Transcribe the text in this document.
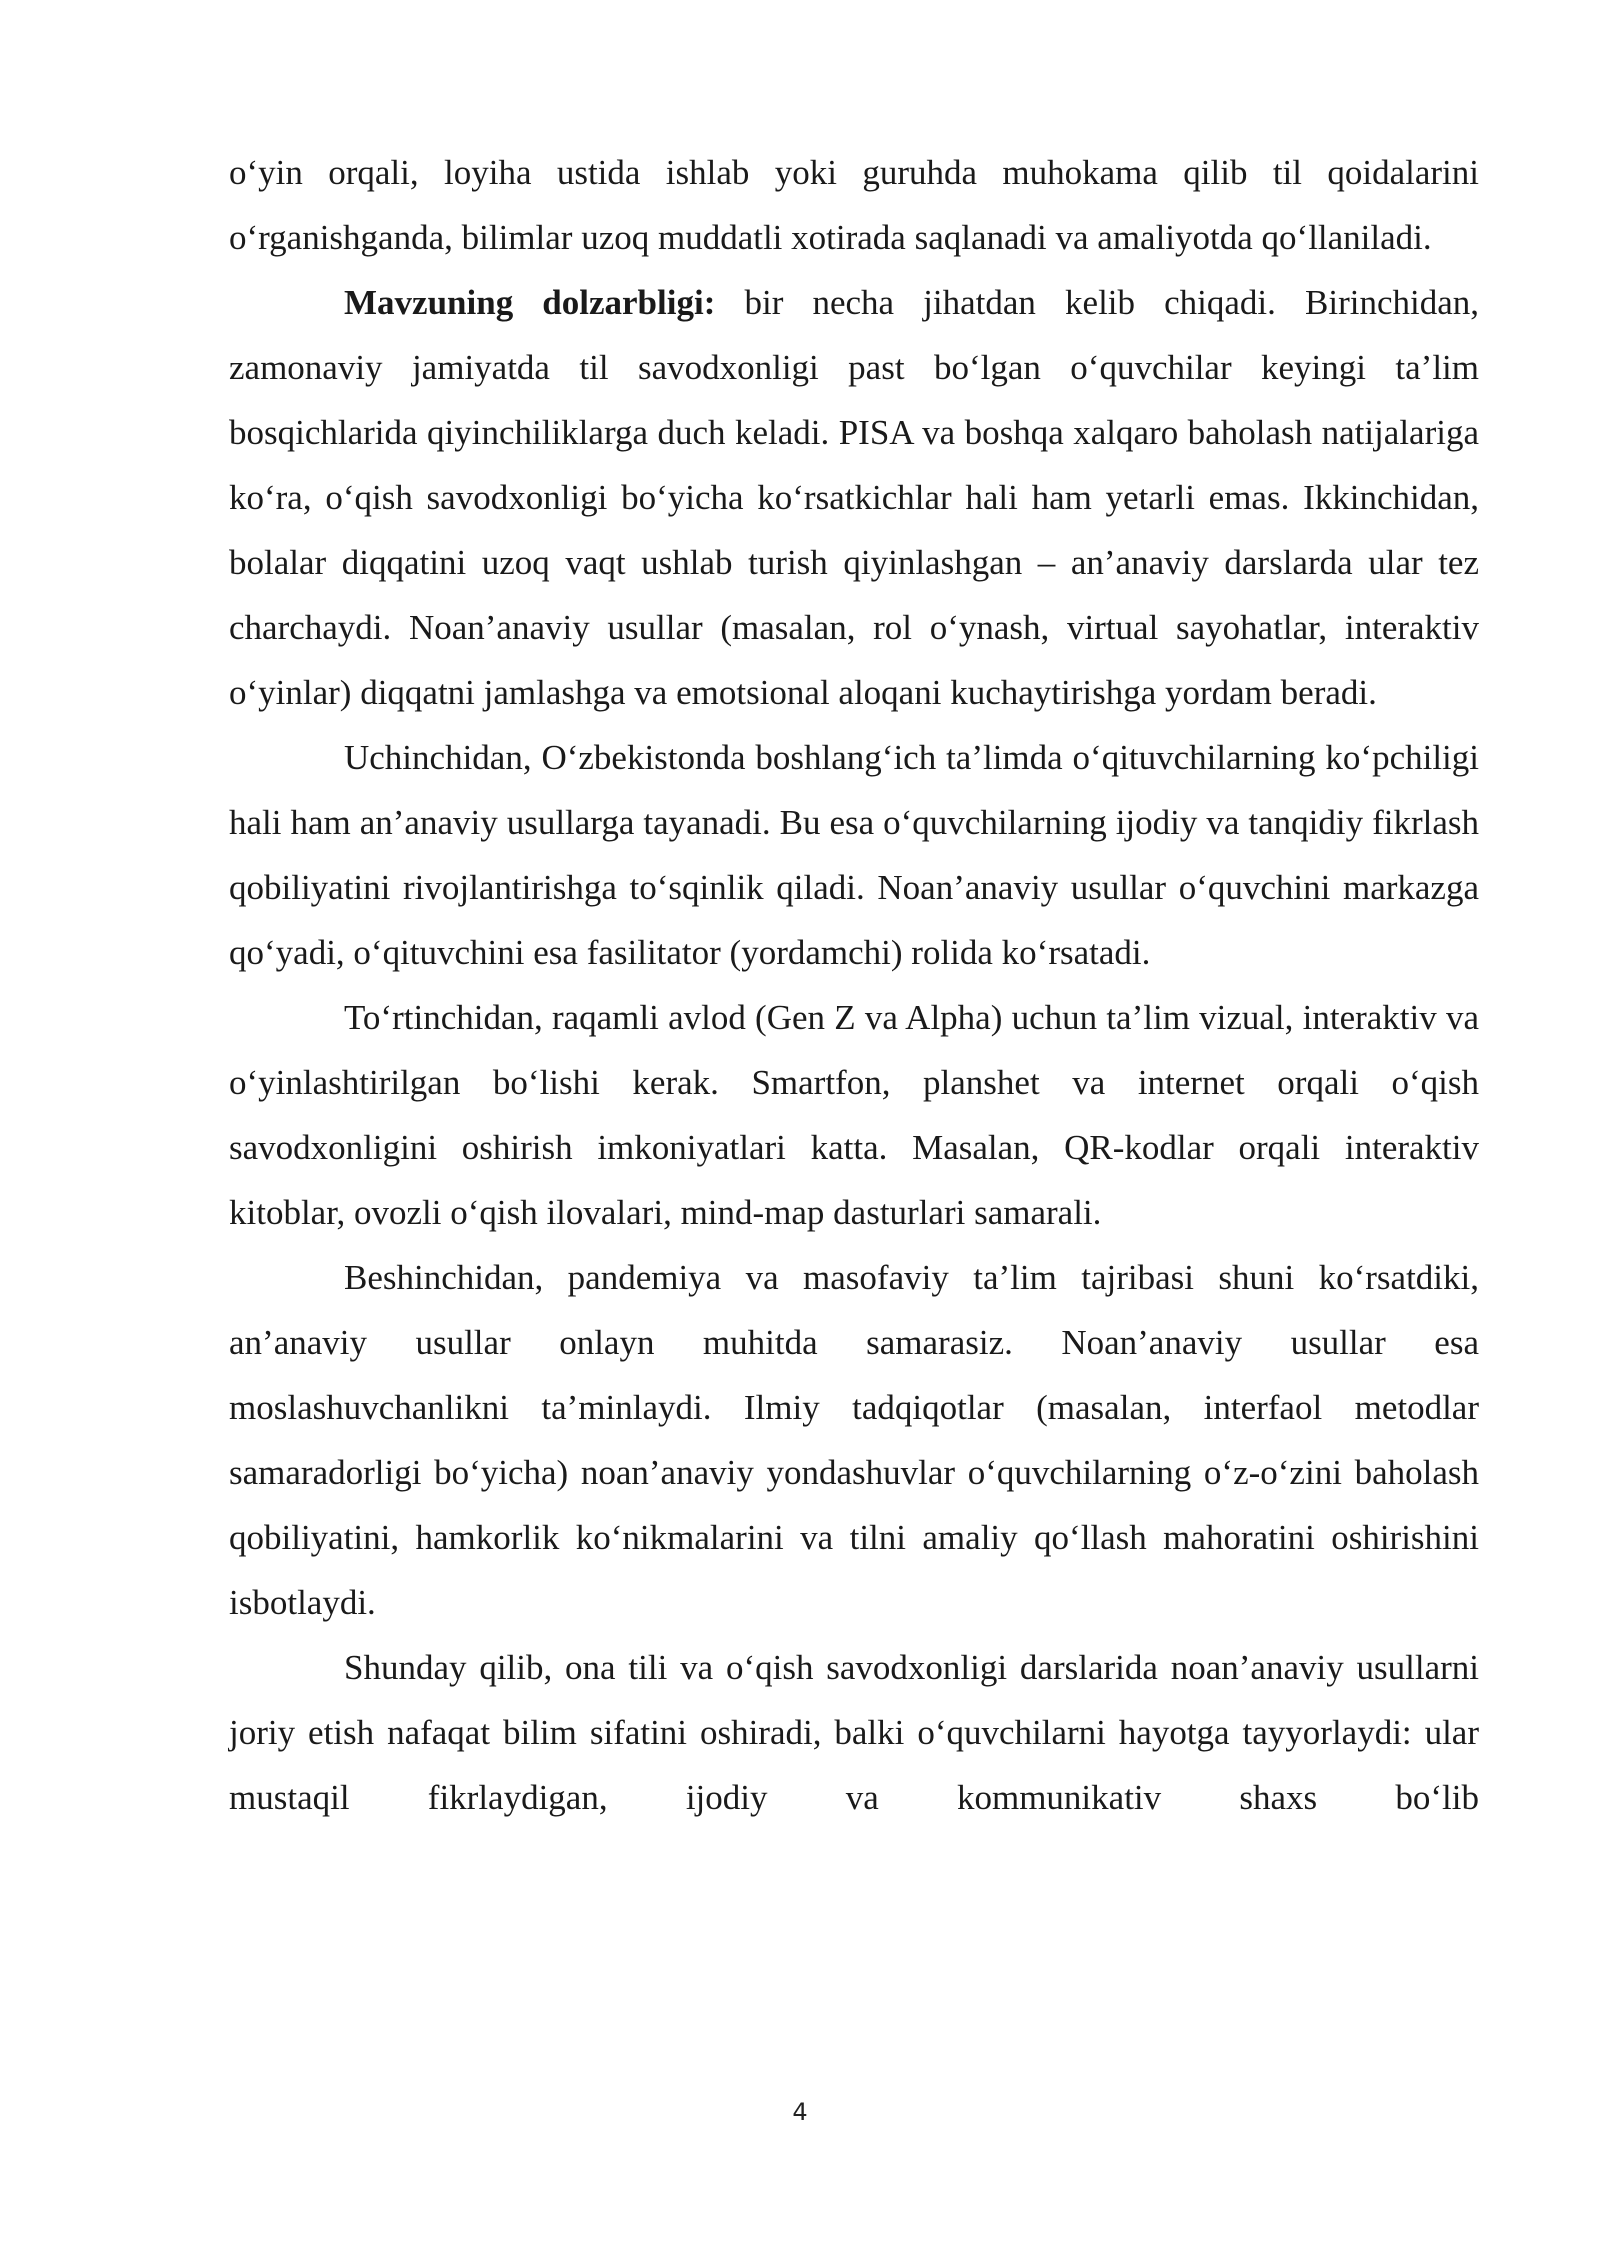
o‘yin orqali, loyiha ustida ishlab yoki guruhda muhokama qilib til qoidalarini o‘rganishganda, bilimlar uzoq muddatli xotirada saqlanadi va amaliyotda qo‘llaniladi.

Mavzuning dolzarbligi: bir necha jihatdan kelib chiqadi. Birinchidan, zamonaviy jamiyatda til savodxonligi past bo‘lgan o‘quvchilar keyingi ta’lim bosqichlarida qiyinchiliklarga duch keladi. PISA va boshqa xalqaro baholash natijalariga ko‘ra, o‘qish savodxonligi bo‘yicha ko‘rsatkichlar hali ham yetarli emas. Ikkinchidan, bolalar diqqatini uzoq vaqt ushlab turish qiyinlashgan – an’anaviy darslarda ular tez charchaydi. Noan’anaviy usullar (masalan, rol o‘ynash, virtual sayohatlar, interaktiv o‘yinlar) diqqatni jamlashga va emotsional aloqani kuchaytirishga yordam beradi.

Uchinchidan, O‘zbekistonda boshlang‘ich ta’limda o‘qituvchilarning ko‘pchiligi hali ham an’anaviy usullarga tayanadi. Bu esa o‘quvchilarning ijodiy va tanqidiy fikrlash qobiliyatini rivojlantirishga to‘sqinlik qiladi. Noan’anaviy usullar o‘quvchini markazga qo‘yadi, o‘qituvchini esa fasilitator (yordamchi) rolida ko‘rsatadi.

To‘rtinchidan, raqamli avlod (Gen Z va Alpha) uchun ta’lim vizual, interaktiv va o‘yinlashtirilgan bo‘lishi kerak. Smartfon, planshet va internet orqali o‘qish savodxonligini oshirish imkoniyatlari katta. Masalan, QR-kodlar orqali interaktiv kitoblar, ovozli o‘qish ilovalari, mind-map dasturlari samarali.

Beshinchidan, pandemiya va masofaviy ta’lim tajribasi shuni ko‘rsatdiki, an’anaviy usullar onlayn muhitda samarasiz. Noan’anaviy usullar esa moslashuvchanlikni ta’minlaydi. Ilmiy tadqiqotlar (masalan, interfaol metodlar samaradorligi bo‘yicha) noan’anaviy yondashuvlar o‘quvchilarning o‘z-o‘zini baholash qobiliyatini, hamkorlik ko‘nikmalarini va tilni amaliy qo‘llash mahoratini oshirishini isbotlaydi.

Shunday qilib, ona tili va o‘qish savodxonligi darslarida noan’anaviy usullarni joriy etish nafaqat bilim sifatini oshiradi, balki o‘quvchilarni hayotga tayyorlaydi: ular mustaqil fikrlaydigan, ijodiy va kommunikativ shaxs bo‘lib

4
